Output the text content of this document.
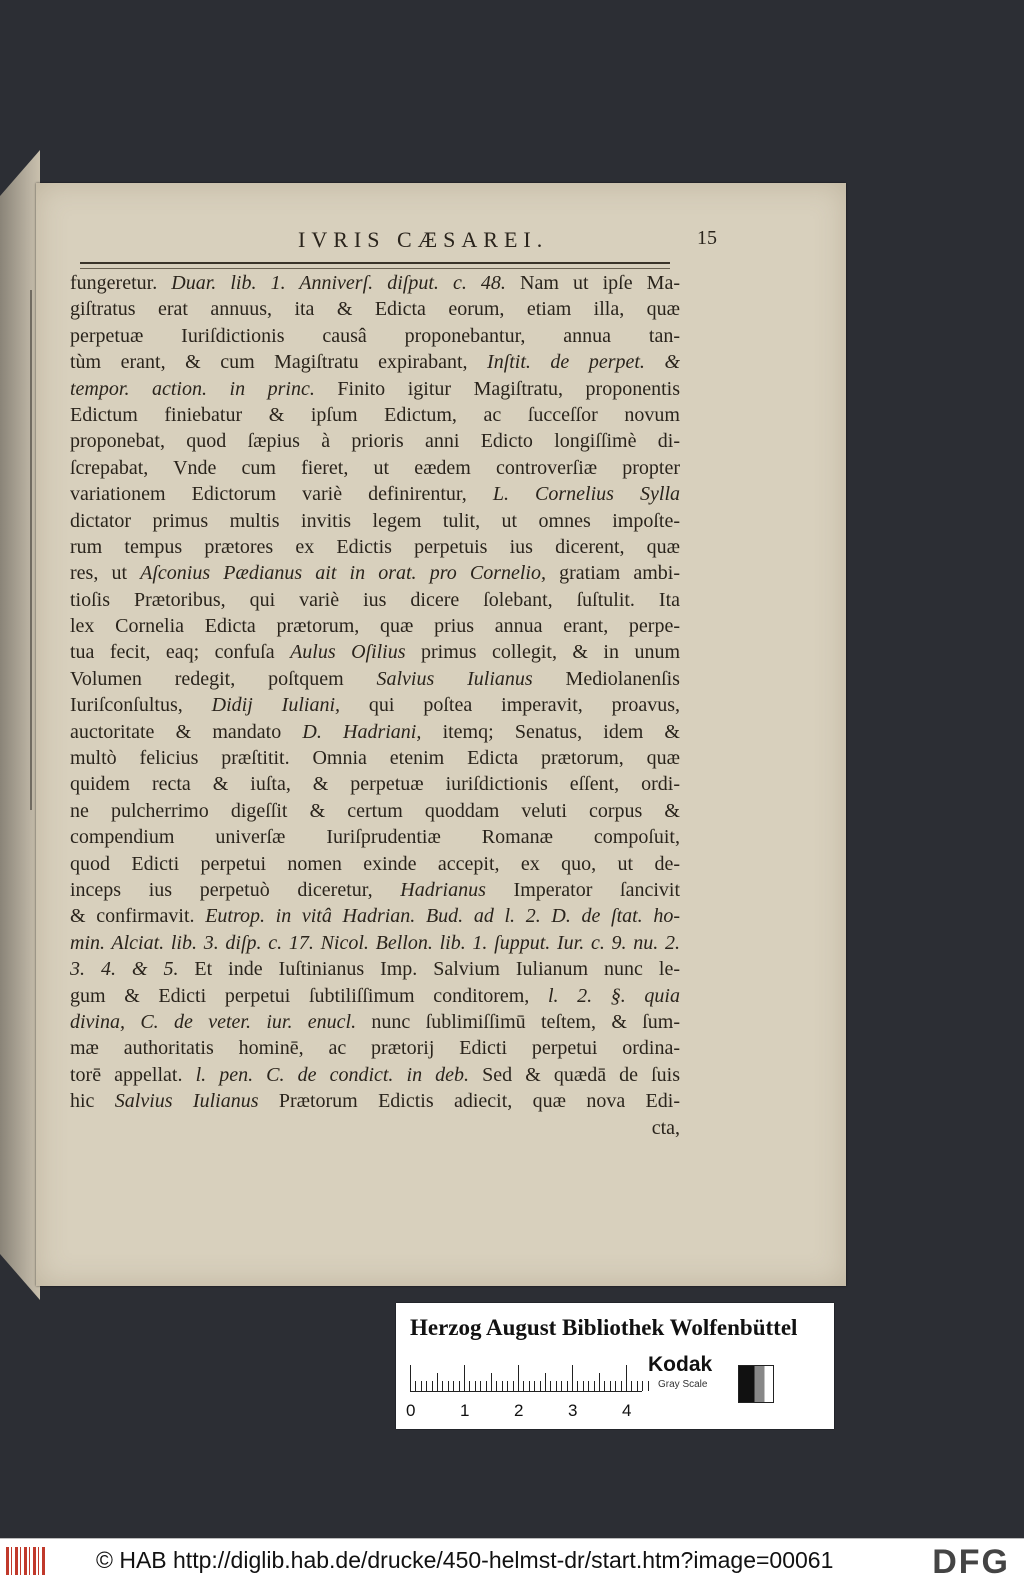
IVRIS CÆSAREI.	15
fungeretur. Duar. lib. 1. Anniverſ. diſput. c. 48. Nam ut ipſe Ma-
giſtratus erat annuus, ita & Edicta eorum, etiam illa, quæ
perpetuæ Iuriſdictionis causâ proponebantur, annua tan-
tùm erant, & cum Magiſtratu expirabant, Inſtit. de perpet. &
tempor. action. in princ. Finito igitur Magiſtratu, proponentis
Edictum finiebatur & ipſum Edictum, ac ſucceſſor novum
proponebat, quod ſæpius à prioris anni Edicto longiſſimè di-
ſcrepabat, Vnde cum fieret, ut eædem controverſiæ propter
variationem Edictorum variè definirentur, L. Cornelius Sylla
dictator primus multis invitis legem tulit, ut omnes impoſte-
rum tempus prætores ex Edictis perpetuis ius dicerent, quæ
res, ut Aſconius Pædianus ait in orat. pro Cornelio, gratiam ambi-
tioſis Prætoribus, qui variè ius dicere ſolebant, ſuſtulit. Ita
lex Cornelia Edicta prætorum, quæ prius annua erant, perpe-
tua fecit, eaq; confuſa Aulus Oſilius primus collegit, & in unum
Volumen redegit, poſtquem Salvius Iulianus Mediolanenſis
Iuriſconſultus, Didij Iuliani, qui poſtea imperavit, proavus,
auctoritate & mandato D. Hadriani, itemq; Senatus, idem &
multò felicius præſtitit. Omnia etenim Edicta prætorum, quæ
quidem recta & iuſta, & perpetuæ iuriſdictionis eſſent, ordi-
ne pulcherrimo digeſſit & certum quoddam veluti corpus &
compendium univerſæ Iuriſprudentiæ Romanæ compoſuit,
quod Edicti perpetui nomen exinde accepit, ex quo, ut de-
inceps ius perpetuò diceretur, Hadrianus Imperator ſancivit
& confirmavit. Eutrop. in vitâ Hadrian. Bud. ad l. 2. D. de ſtat. ho-
min. Alciat. lib. 3. diſp. c. 17. Nicol. Bellon. lib. 1. ſupput. Iur. c. 9. nu. 2.
3. 4. & 5. Et inde Iuſtinianus Imp. Salvium Iulianum nunc le-
gum & Edicti perpetui ſubtiliſſimum conditorem, l. 2. §. quia
divina, C. de veter. iur. enucl. nunc ſublimiſſimū teſtem, & ſum-
mæ authoritatis hominē, ac prætorij Edicti perpetui ordina-
torē appellat. l. pen. C. de condict. in deb. Sed & quædā de ſuis
hic Salvius Iulianus Prætorum Edictis adiecit, quæ nova Edi-
cta,
Herzog August Bibliothek Wolfenbüttel
0	1	2	3	4
Kodak
Gray Scale
© HAB http://diglib.hab.de/drucke/450-helmst-dr/start.htm?image=00061	DFG
